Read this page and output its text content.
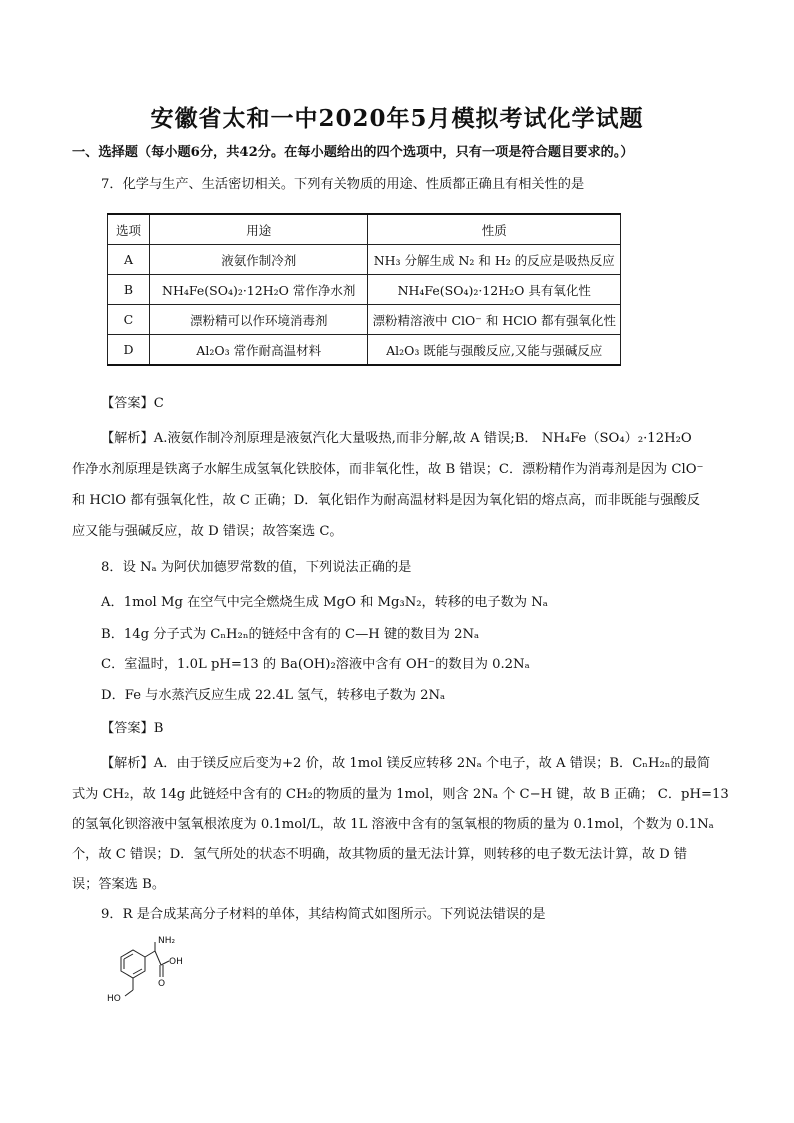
安徽省太和一中2020年5月模拟考试化学试题
一、选择题（每小题6分，共42分。在每小题给出的四个选项中，只有一项是符合题目要求的。）
7．化学与生产、生活密切相关。下列有关物质的用途、性质都正确且有相关性的是
选项	用途	性质
A	液氨作制冷剂	NH₃ 分解生成 N₂ 和 H₂ 的反应是吸热反应
B	NH₄Fe(SO₄)₂·12H₂O 常作净水剂	NH₄Fe(SO₄)₂·12H₂O 具有氧化性
C	漂粉精可以作环境消毒剂	漂粉精溶液中 ClO⁻ 和 HClO 都有强氧化性
D	Al₂O₃ 常作耐高温材料	Al₂O₃ 既能与强酸反应,又能与强碱反应
【答案】C
【解析】A.液氨作制冷剂原理是液氨汽化大量吸热,而非分解,故 A 错误;B． NH₄Fe（SO₄）₂·12H₂O
作净水剂原理是铁离子水解生成氢氧化铁胶体，而非氧化性，故 B 错误；C．漂粉精作为消毒剂是因为 ClO⁻
和 HClO 都有强氧化性，故 C 正确；D．氧化铝作为耐高温材料是因为氧化铝的熔点高，而非既能与强酸反
应又能与强碱反应，故 D 错误；故答案选 C。
8．设 Nₐ 为阿伏加德罗常数的值，下列说法正确的是
A．1mol Mg 在空气中完全燃烧生成 MgO 和 Mg₃N₂，转移的电子数为 Nₐ
B．14g 分子式为 CₙH₂ₙ的链烃中含有的 C—H 键的数目为 2Nₐ
C．室温时，1.0L pH=13 的 Ba(OH)₂溶液中含有 OH⁻的数目为 0.2Nₐ
D．Fe 与水蒸汽反应生成 22.4L 氢气，转移电子数为 2Nₐ
【答案】B
【解析】A．由于镁反应后变为+2 价，故 1mol 镁反应转移 2Nₐ 个电子，故 A 错误；B．CₙH₂ₙ的最简
式为 CH₂，故 14g 此链烃中含有的 CH₂的物质的量为 1mol，则含 2Nₐ 个 C−H 键，故 B 正确； C．pH=13
的氢氧化钡溶液中氢氧根浓度为 0.1mol/L，故 1L 溶液中含有的氢氧根的物质的量为 0.1mol，个数为 0.1Nₐ
个，故 C 错误；D．氢气所处的状态不明确，故其物质的量无法计算，则转移的电子数无法计算，故 D 错
误；答案选 B。
9．R 是合成某高分子材料的单体，其结构简式如图所示。下列说法错误的是
NH₂
OH
O
HO
